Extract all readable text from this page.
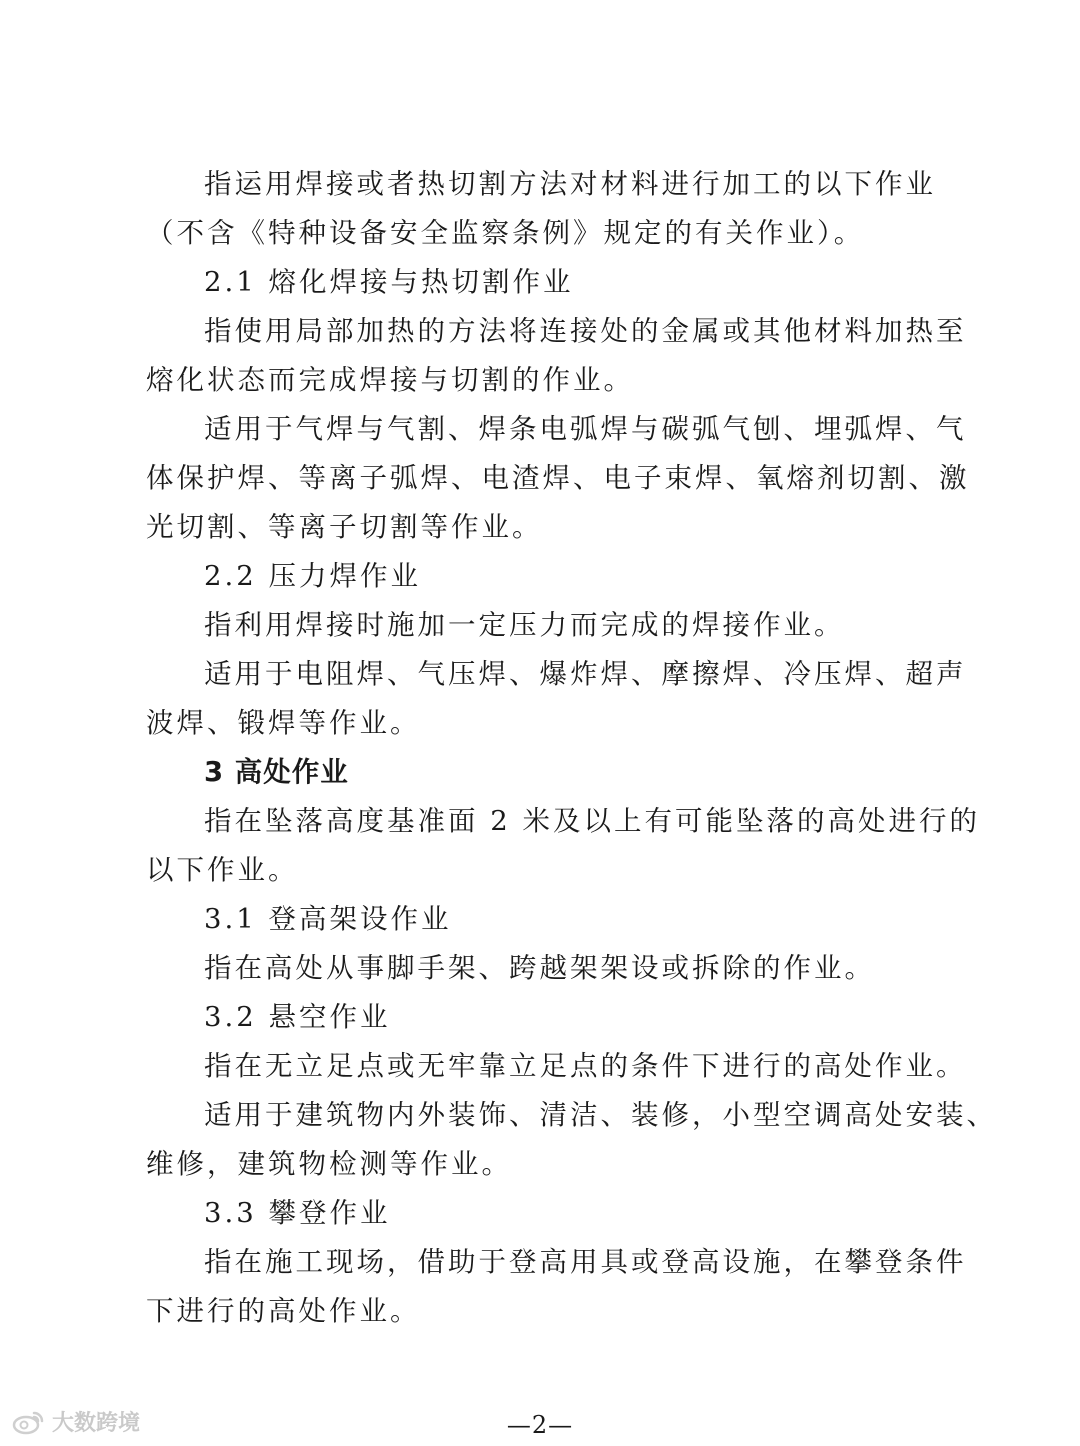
指运用焊接或者热切割方法对材料进行加工的以下作业
（不含《特种设备安全监察条例》规定的有关作业）。
2.1 熔化焊接与热切割作业
指使用局部加热的方法将连接处的金属或其他材料加热至
熔化状态而完成焊接与切割的作业。
适用于气焊与气割、焊条电弧焊与碳弧气刨、埋弧焊、气
体保护焊、等离子弧焊、电渣焊、电子束焊、氧熔剂切割、激
光切割、等离子切割等作业。
2.2 压力焊作业
指利用焊接时施加一定压力而完成的焊接作业。
适用于电阻焊、气压焊、爆炸焊、摩擦焊、冷压焊、超声
波焊、锻焊等作业。
3 高处作业
指在坠落高度基准面 2 米及以上有可能坠落的高处进行的
以下作业。
3.1 登高架设作业
指在高处从事脚手架、跨越架架设或拆除的作业。
3.2 悬空作业
指在无立足点或无牢靠立足点的条件下进行的高处作业。
适用于建筑物内外装饰、清洁、装修，小型空调高处安装、
维修，建筑物检测等作业。
3.3 攀登作业
指在施工现场，借助于登高用具或登高设施，在攀登条件
下进行的高处作业。
大数跨境	—2—
